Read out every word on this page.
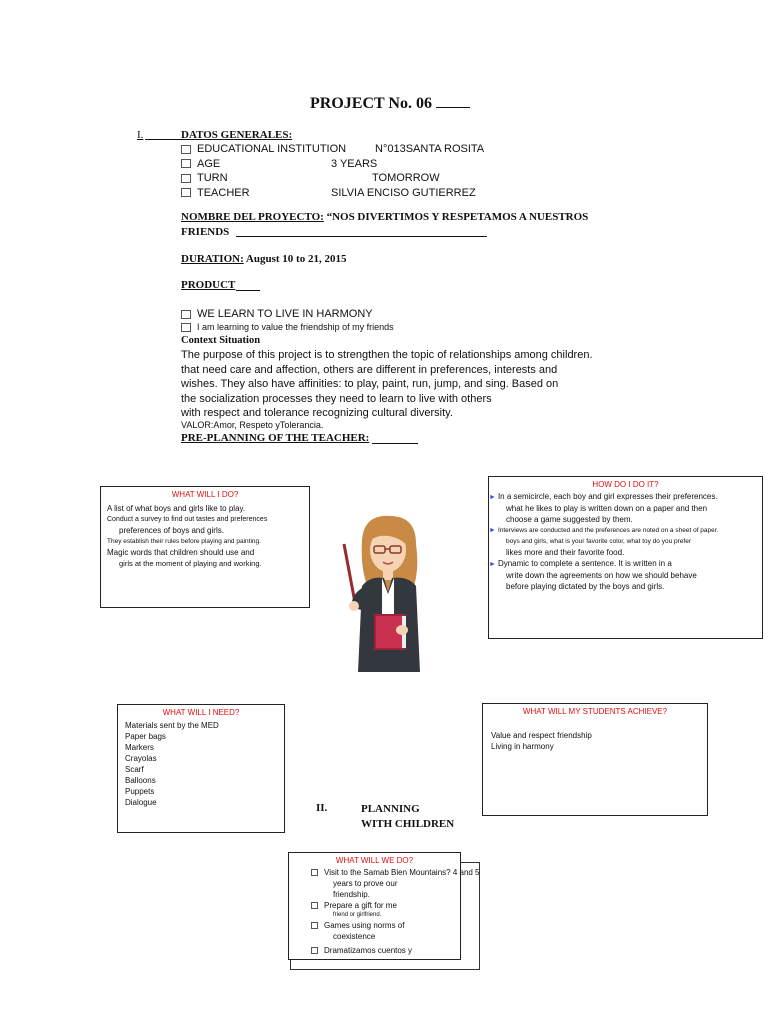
PROJECT No. 06
I.	DATOS GENERALES:
EDUCATIONAL INSTITUTION	N°013SANTA ROSITA
AGE	3 YEARS
TURN	TOMORROW
TEACHER	SILVIA ENCISO GUTIERREZ
NOMBRE DEL PROYECTO: “NOS DIVERTIMOS Y RESPETAMOS A NUESTROS
FRIENDS
DURATION: August 10 to 21, 2015
PRODUCT
WE LEARN TO LIVE IN HARMONY
I am learning to value the friendship of my friends
Context Situation
The purpose of this project is to strengthen the topic of relationships among children.
that need care and affection, others are different in preferences, interests and
wishes. They also have affinities: to play, paint, run, jump, and sing. Based on
the socialization processes they need to learn to live with others
with respect and tolerance recognizing cultural diversity.
VALOR:Amor, Respeto yTolerancia.
PRE-PLANNING OF THE TEACHER:
WHAT WILL I DO?
A list of what boys and girls like to play.
Conduct a survey to find out tastes and preferences
preferences of boys and girls.
They establish their rules before playing and painting.
Magic words that children should use and
girls at the moment of playing and working.
HOW DO I DO IT?
► In a semicircle, each boy and girl expresses their preferences.
what he likes to play is written down on a paper and then
choose a game suggested by them.
► Interviews are conducted and the preferences are noted on a sheet of paper.
boys and girls, what is your favorite color, what toy do you prefer
likes more and their favorite food.
► Dynamic to complete a sentence. It is written in a
write down the agreements on how we should behave
before playing dictated by the boys and girls.
WHAT WILL I NEED?
Materials sent by the MED
Paper bags
Markers
Crayolas
Scarf
Balloons
Puppets
Dialogue
WHAT WILL MY STUDENTS ACHIEVE?
Value and respect friendship
Living in harmony
II.	PLANNING
WITH CHILDREN
WHAT WILL WE DO?
Visit to the Samab Bien Mountains? 4 and 5
years to prove our
friendship.
Prepare a gift for me
friend or girlfriend.
Games using norms of
coexistence
Dramatizamos cuentos y
